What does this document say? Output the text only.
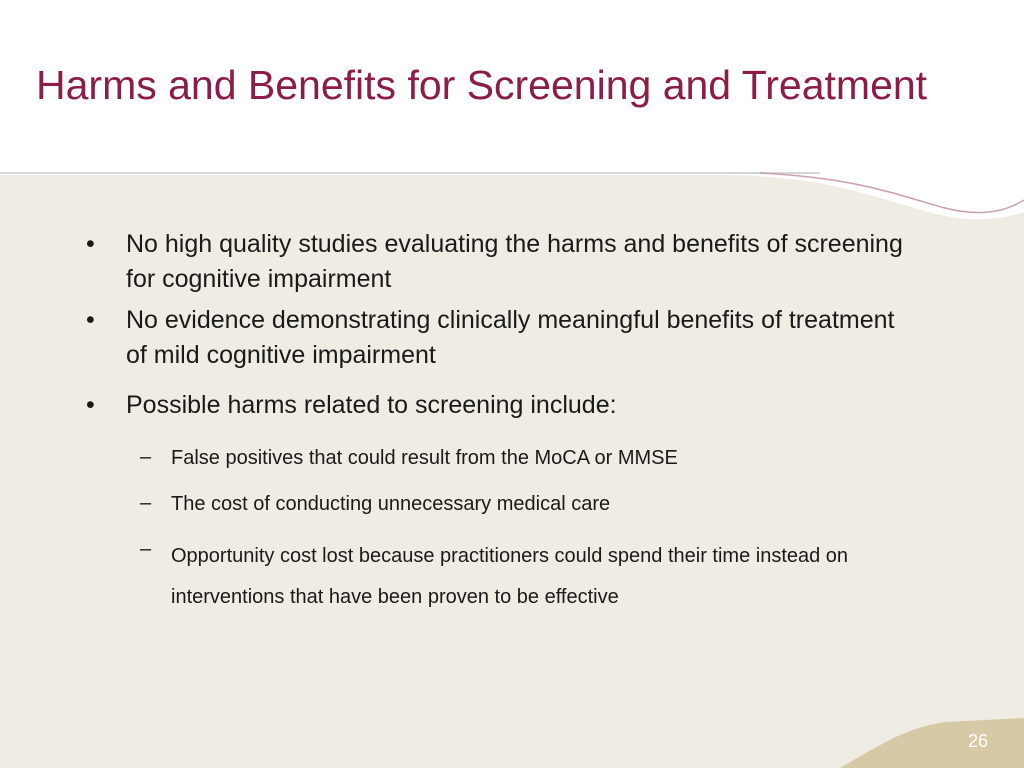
Harms and Benefits for Screening and Treatment
• No high quality studies evaluating the harms and benefits of screening for cognitive impairment
• No evidence demonstrating clinically meaningful benefits of treatment of mild cognitive impairment
• Possible harms related to screening include:
– False positives that could result from the MoCA or MMSE
– The cost of conducting unnecessary medical care
– Opportunity cost lost because practitioners could spend their time instead on interventions that have been proven to be effective
26
